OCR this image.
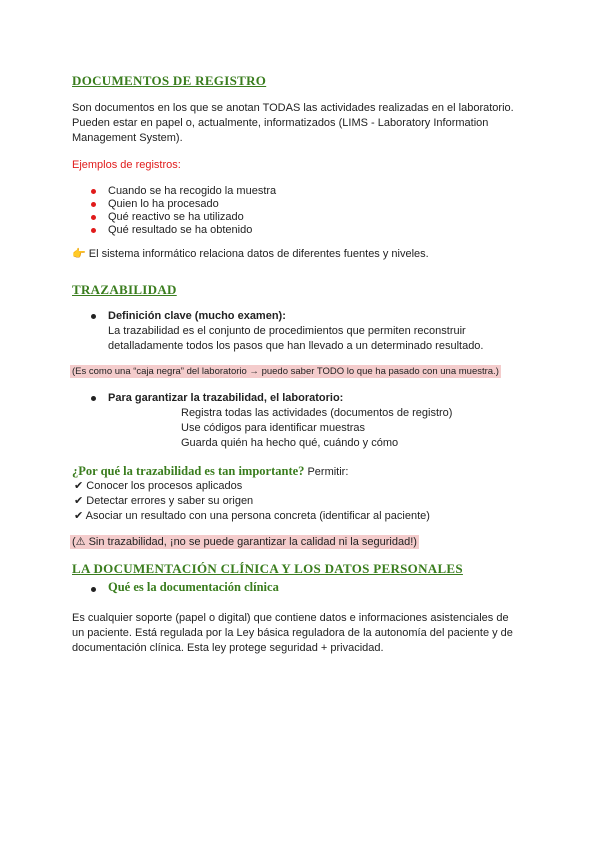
DOCUMENTOS DE REGISTRO
Son documentos en los que se anotan TODAS las actividades realizadas en el laboratorio.
Pueden estar en papel o, actualmente, informatizados (LIMS - Laboratory Information
Management System).
Ejemplos de registros:
Cuando se ha recogido la muestra
Quien lo ha procesado
Qué reactivo se ha utilizado
Qué resultado se ha obtenido
👉 El sistema informático relaciona datos de diferentes fuentes y niveles.
TRAZABILIDAD
Definición clave (mucho examen):
La trazabilidad es el conjunto de procedimientos que permiten reconstruir
detalladamente todos los pasos que han llevado a un determinado resultado.
(Es como una “caja negra” del laboratorio → puedo saber TODO lo que ha pasado con una muestra.)
Para garantizar la trazabilidad, el laboratorio:
Registra todas las actividades (documentos de registro)
Use códigos para identificar muestras
Guarda quién ha hecho qué, cuándo y cómo
¿Por qué la trazabilidad es tan importante? Permitir:
✔ Conocer los procesos aplicados
✔ Detectar errores y saber su origen
✔ Asociar un resultado con una persona concreta (identificar al paciente)
(⚠ Sin trazabilidad, ¡no se puede garantizar la calidad ni la seguridad!)
LA DOCUMENTACIÓN CLÍNICA Y LOS DATOS PERSONALES
Qué es la documentación clínica
Es cualquier soporte (papel o digital) que contiene datos e informaciones asistenciales de
un paciente. Está regulada por la Ley básica reguladora de la autonomía del paciente y de
documentación clínica. Esta ley protege seguridad + privacidad.
